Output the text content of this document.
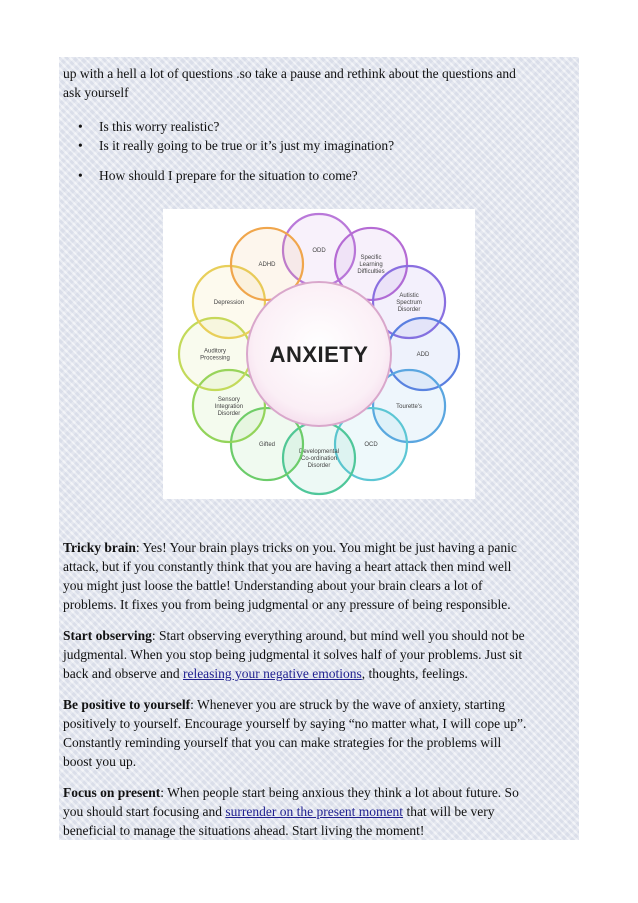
up with a hell a lot of questions .so take a pause and rethink about the questions and

ask yourself

• Is this worry realistic?
• Is it really going to be true or it’s just my imagination?
• How should I prepare for the situation to come?
ODD
Specific
Learning
Difficulties
Autistic
Spectrum
Disorder
ADD
Tourette's
OCD
Developmental
Co-ordination
Disorder
Gifted
Sensory
Integration
Disorder
Auditory
Processing
Depression
ADHD
ANXIETY

Tricky brain: Yes! Your brain plays tricks on you. You might be just having a panic

attack, but if you constantly think that you are having a heart attack then mind well

you might just loose the battle! Understanding about your brain clears a lot of

problems. It fixes you from being judgmental or any pressure of being responsible.

Start observing: Start observing everything around, but mind well you should not be

judgmental. When you stop being judgmental it solves half of your problems. Just sit

back and observe and releasing your negative emotions, thoughts, feelings.

Be positive to yourself: Whenever you are struck by the wave of anxiety, starting

positively to yourself. Encourage yourself by saying “no matter what, I will cope up”.

Constantly reminding yourself that you can make strategies for the problems will

boost you up.

Focus on present: When people start being anxious they think a lot about future. So

you should start focusing and surrender on the present moment that will be very

beneficial to manage the situations ahead. Start living the moment!
